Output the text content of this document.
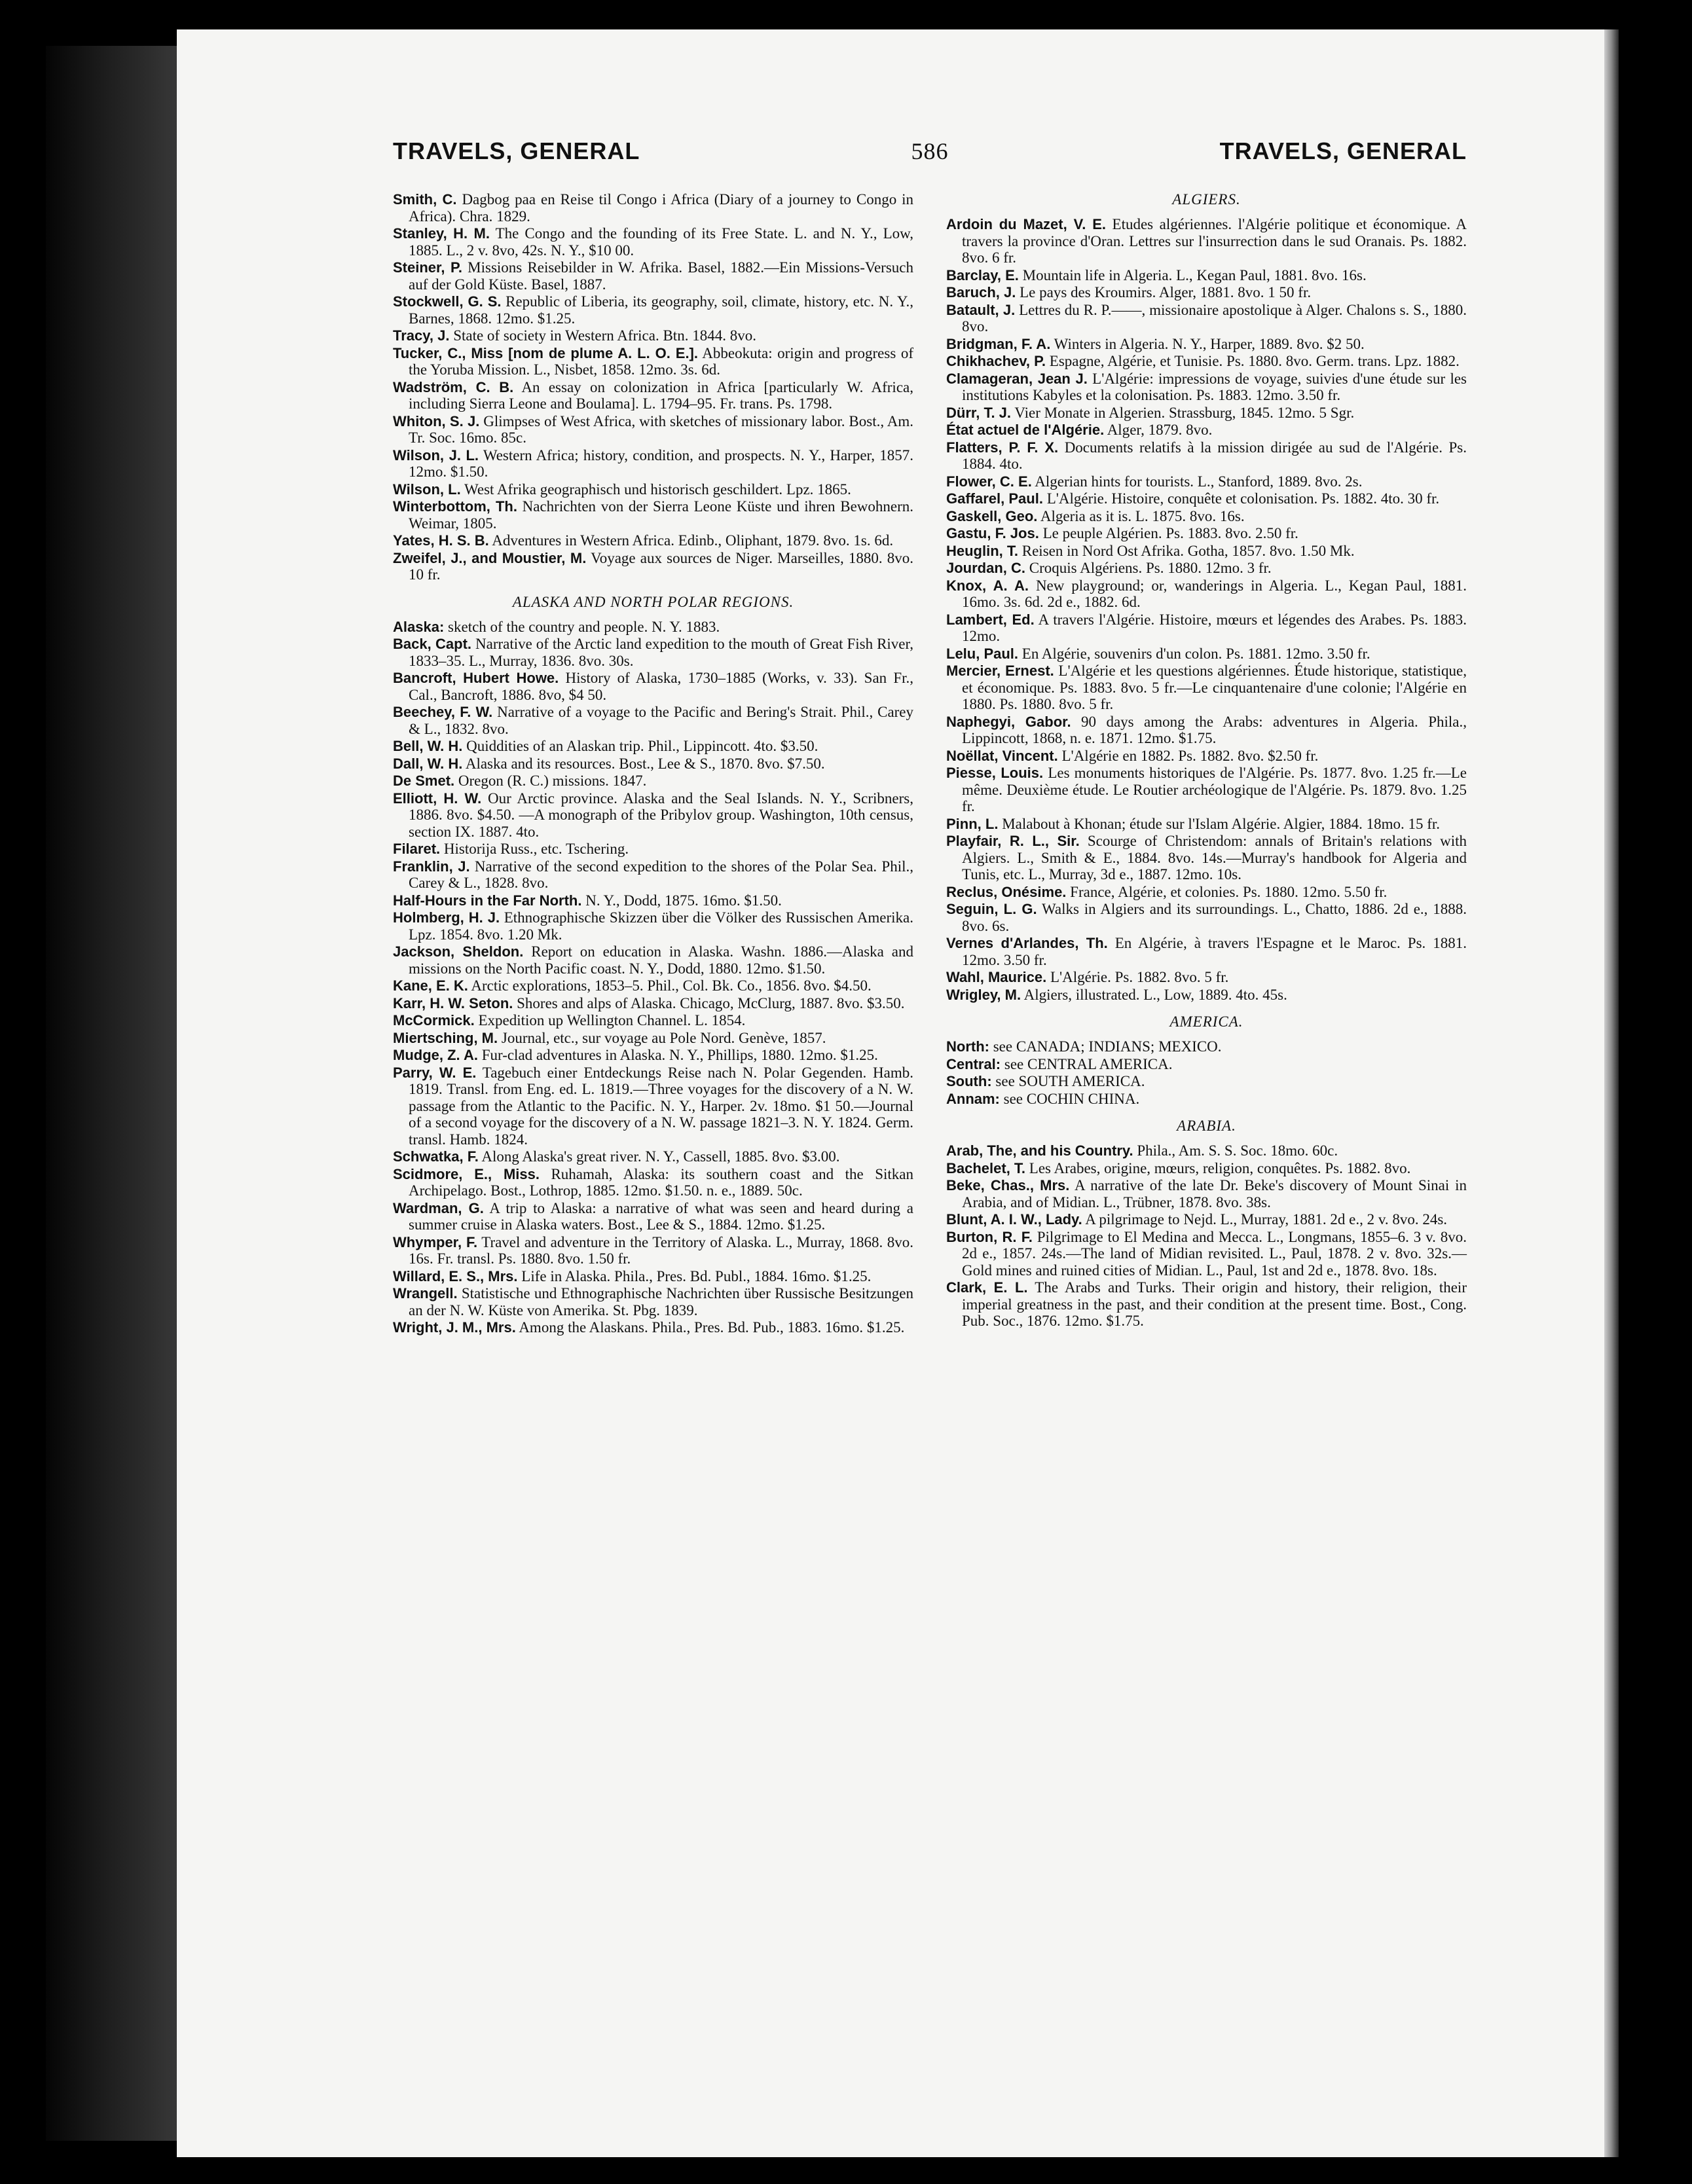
TRAVELS, GENERAL	586	TRAVELS, GENERAL

Smith, C. Dagbog paa en Reise til Congo i Africa (Diary of a journey to Congo in Africa). Chra. 1829.

Stanley, H. M. The Congo and the founding of its Free State. L. and N. Y., Low, 1885. L., 2 v. 8vo, 42s. N. Y., $10 00.

Steiner, P. Missions Reisebilder in W. Afrika. Basel, 1882.—Ein Missions-Versuch auf der Gold Küste. Basel, 1887.

Stockwell, G. S. Republic of Liberia, its geography, soil, climate, history, etc. N. Y., Barnes, 1868. 12mo. $1.25.

Tracy, J. State of society in Western Africa. Btn. 1844. 8vo.

Tucker, C., Miss [nom de plume A. L. O. E.]. Abbeokuta: origin and progress of the Yoruba Mission. L., Nisbet, 1858. 12mo. 3s. 6d.

Wadström, C. B. An essay on colonization in Africa [particularly W. Africa, including Sierra Leone and Boulama]. L. 1794–95. Fr. trans. Ps. 1798.

Whiton, S. J. Glimpses of West Africa, with sketches of missionary labor. Bost., Am. Tr. Soc. 16mo. 85c.

Wilson, J. L. Western Africa; history, condition, and prospects. N. Y., Harper, 1857. 12mo. $1.50.

Wilson, L. West Afrika geographisch und historisch geschildert. Lpz. 1865.

Winterbottom, Th. Nachrichten von der Sierra Leone Küste und ihren Bewohnern. Weimar, 1805.

Yates, H. S. B. Adventures in Western Africa. Edinb., Oliphant, 1879. 8vo. 1s. 6d.

Zweifel, J., and Moustier, M. Voyage aux sources de Niger. Marseilles, 1880. 8vo. 10 fr.

ALASKA AND NORTH POLAR REGIONS.

Alaska: sketch of the country and people. N. Y. 1883.

Back, Capt. Narrative of the Arctic land expedition to the mouth of Great Fish River, 1833–35. L., Murray, 1836. 8vo. 30s.

Bancroft, Hubert Howe. History of Alaska, 1730–1885 (Works, v. 33). San Fr., Cal., Bancroft, 1886. 8vo, $4 50.

Beechey, F. W. Narrative of a voyage to the Pacific and Bering's Strait. Phil., Carey & L., 1832. 8vo.

Bell, W. H. Quiddities of an Alaskan trip. Phil., Lippincott. 4to. $3.50.

Dall, W. H. Alaska and its resources. Bost., Lee & S., 1870. 8vo. $7.50.

De Smet. Oregon (R. C.) missions. 1847.

Elliott, H. W. Our Arctic province. Alaska and the Seal Islands. N. Y., Scribners, 1886. 8vo. $4.50. —A monograph of the Pribylov group. Washington, 10th census, section IX. 1887. 4to.

Filaret. Historija Russ., etc. Tschering.

Franklin, J. Narrative of the second expedition to the shores of the Polar Sea. Phil., Carey & L., 1828. 8vo.

Half-Hours in the Far North. N. Y., Dodd, 1875. 16mo. $1.50.

Holmberg, H. J. Ethnographische Skizzen über die Völker des Russischen Amerika. Lpz. 1854. 8vo. 1.20 Mk.

Jackson, Sheldon. Report on education in Alaska. Washn. 1886.—Alaska and missions on the North Pacific coast. N. Y., Dodd, 1880. 12mo. $1.50.

Kane, E. K. Arctic explorations, 1853–5. Phil., Col. Bk. Co., 1856. 8vo. $4.50.

Karr, H. W. Seton. Shores and alps of Alaska. Chicago, McClurg, 1887. 8vo. $3.50.

McCormick. Expedition up Wellington Channel. L. 1854.

Miertsching, M. Journal, etc., sur voyage au Pole Nord. Genève, 1857.

Mudge, Z. A. Fur-clad adventures in Alaska. N. Y., Phillips, 1880. 12mo. $1.25.

Parry, W. E. Tagebuch einer Entdeckungs Reise nach N. Polar Gegenden. Hamb. 1819. Transl. from Eng. ed. L. 1819.—Three voyages for the discovery of a N. W. passage from the Atlantic to the Pacific. N. Y., Harper. 2v. 18mo. $1 50.—Journal of a second voyage for the discovery of a N. W. passage 1821–3. N. Y. 1824. Germ. transl. Hamb. 1824.

Schwatka, F. Along Alaska's great river. N. Y., Cassell, 1885. 8vo. $3.00.

Scidmore, E., Miss. Ruhamah, Alaska: its southern coast and the Sitkan Archipelago. Bost., Lothrop, 1885. 12mo. $1.50. n. e., 1889. 50c.

Wardman, G. A trip to Alaska: a narrative of what was seen and heard during a summer cruise in Alaska waters. Bost., Lee & S., 1884. 12mo. $1.25.

Whymper, F. Travel and adventure in the Territory of Alaska. L., Murray, 1868. 8vo. 16s. Fr. transl. Ps. 1880. 8vo. 1.50 fr.

Willard, E. S., Mrs. Life in Alaska. Phila., Pres. Bd. Publ., 1884. 16mo. $1.25.

Wrangell. Statistische und Ethnographische Nachrichten über Russische Besitzungen an der N. W. Küste von Amerika. St. Pbg. 1839.

Wright, J. M., Mrs. Among the Alaskans. Phila., Pres. Bd. Pub., 1883. 16mo. $1.25.

ALGIERS.

Ardoin du Mazet, V. E. Etudes algériennes. l'Algérie politique et économique. A travers la province d'Oran. Lettres sur l'insurrection dans le sud Oranais. Ps. 1882. 8vo. 6 fr.

Barclay, E. Mountain life in Algeria. L., Kegan Paul, 1881. 8vo. 16s.

Baruch, J. Le pays des Kroumirs. Alger, 1881. 8vo. 1 50 fr.

Batault, J. Lettres du R. P.——, missionaire apostolique à Alger. Chalons s. S., 1880. 8vo.

Bridgman, F. A. Winters in Algeria. N. Y., Harper, 1889. 8vo. $2 50.

Chikhachev, P. Espagne, Algérie, et Tunisie. Ps. 1880. 8vo. Germ. trans. Lpz. 1882.

Clamageran, Jean J. L'Algérie: impressions de voyage, suivies d'une étude sur les institutions Kabyles et la colonisation. Ps. 1883. 12mo. 3.50 fr.

Dürr, T. J. Vier Monate in Algerien. Strassburg, 1845. 12mo. 5 Sgr.

État actuel de l'Algérie. Alger, 1879. 8vo.

Flatters, P. F. X. Documents relatifs à la mission dirigée au sud de l'Algérie. Ps. 1884. 4to.

Flower, C. E. Algerian hints for tourists. L., Stanford, 1889. 8vo. 2s.

Gaffarel, Paul. L'Algérie. Histoire, conquête et colonisation. Ps. 1882. 4to. 30 fr.

Gaskell, Geo. Algeria as it is. L. 1875. 8vo. 16s.

Gastu, F. Jos. Le peuple Algérien. Ps. 1883. 8vo. 2.50 fr.

Heuglin, T. Reisen in Nord Ost Afrika. Gotha, 1857. 8vo. 1.50 Mk.

Jourdan, C. Croquis Algériens. Ps. 1880. 12mo. 3 fr.

Knox, A. A. New playground; or, wanderings in Algeria. L., Kegan Paul, 1881. 16mo. 3s. 6d. 2d e., 1882. 6d.

Lambert, Ed. A travers l'Algérie. Histoire, mœurs et légendes des Arabes. Ps. 1883. 12mo.

Lelu, Paul. En Algérie, souvenirs d'un colon. Ps. 1881. 12mo. 3.50 fr.

Mercier, Ernest. L'Algérie et les questions algériennes. Étude historique, statistique, et économique. Ps. 1883. 8vo. 5 fr.—Le cinquantenaire d'une colonie; l'Algérie en 1880. Ps. 1880. 8vo. 5 fr.

Naphegyi, Gabor. 90 days among the Arabs: adventures in Algeria. Phila., Lippincott, 1868, n. e. 1871. 12mo. $1.75.

Noëllat, Vincent. L'Algérie en 1882. Ps. 1882. 8vo. $2.50 fr.

Piesse, Louis. Les monuments historiques de l'Algérie. Ps. 1877. 8vo. 1.25 fr.—Le même. Deuxième étude. Le Routier archéologique de l'Algérie. Ps. 1879. 8vo. 1.25 fr.

Pinn, L. Malabout à Khonan; étude sur l'Islam Algérie. Algier, 1884. 18mo. 15 fr.

Playfair, R. L., Sir. Scourge of Christendom: annals of Britain's relations with Algiers. L., Smith & E., 1884. 8vo. 14s.—Murray's handbook for Algeria and Tunis, etc. L., Murray, 3d e., 1887. 12mo. 10s.

Reclus, Onésime. France, Algérie, et colonies. Ps. 1880. 12mo. 5.50 fr.

Seguin, L. G. Walks in Algiers and its surroundings. L., Chatto, 1886. 2d e., 1888. 8vo. 6s.

Vernes d'Arlandes, Th. En Algérie, à travers l'Espagne et le Maroc. Ps. 1881. 12mo. 3.50 fr.

Wahl, Maurice. L'Algérie. Ps. 1882. 8vo. 5 fr.

Wrigley, M. Algiers, illustrated. L., Low, 1889. 4to. 45s.

AMERICA.

North: see CANADA; INDIANS; MEXICO.

Central: see CENTRAL AMERICA.

South: see SOUTH AMERICA.

Annam: see COCHIN CHINA.

ARABIA.

Arab, The, and his Country. Phila., Am. S. S. Soc. 18mo. 60c.

Bachelet, T. Les Arabes, origine, mœurs, religion, conquêtes. Ps. 1882. 8vo.

Beke, Chas., Mrs. A narrative of the late Dr. Beke's discovery of Mount Sinai in Arabia, and of Midian. L., Trübner, 1878. 8vo. 38s.

Blunt, A. I. W., Lady. A pilgrimage to Nejd. L., Murray, 1881. 2d e., 2 v. 8vo. 24s.

Burton, R. F. Pilgrimage to El Medina and Mecca. L., Longmans, 1855–6. 3 v. 8vo. 2d e., 1857. 24s.—The land of Midian revisited. L., Paul, 1878. 2 v. 8vo. 32s.—Gold mines and ruined cities of Midian. L., Paul, 1st and 2d e., 1878. 8vo. 18s.

Clark, E. L. The Arabs and Turks. Their origin and history, their religion, their imperial greatness in the past, and their condition at the present time. Bost., Cong. Pub. Soc., 1876. 12mo. $1.75.
